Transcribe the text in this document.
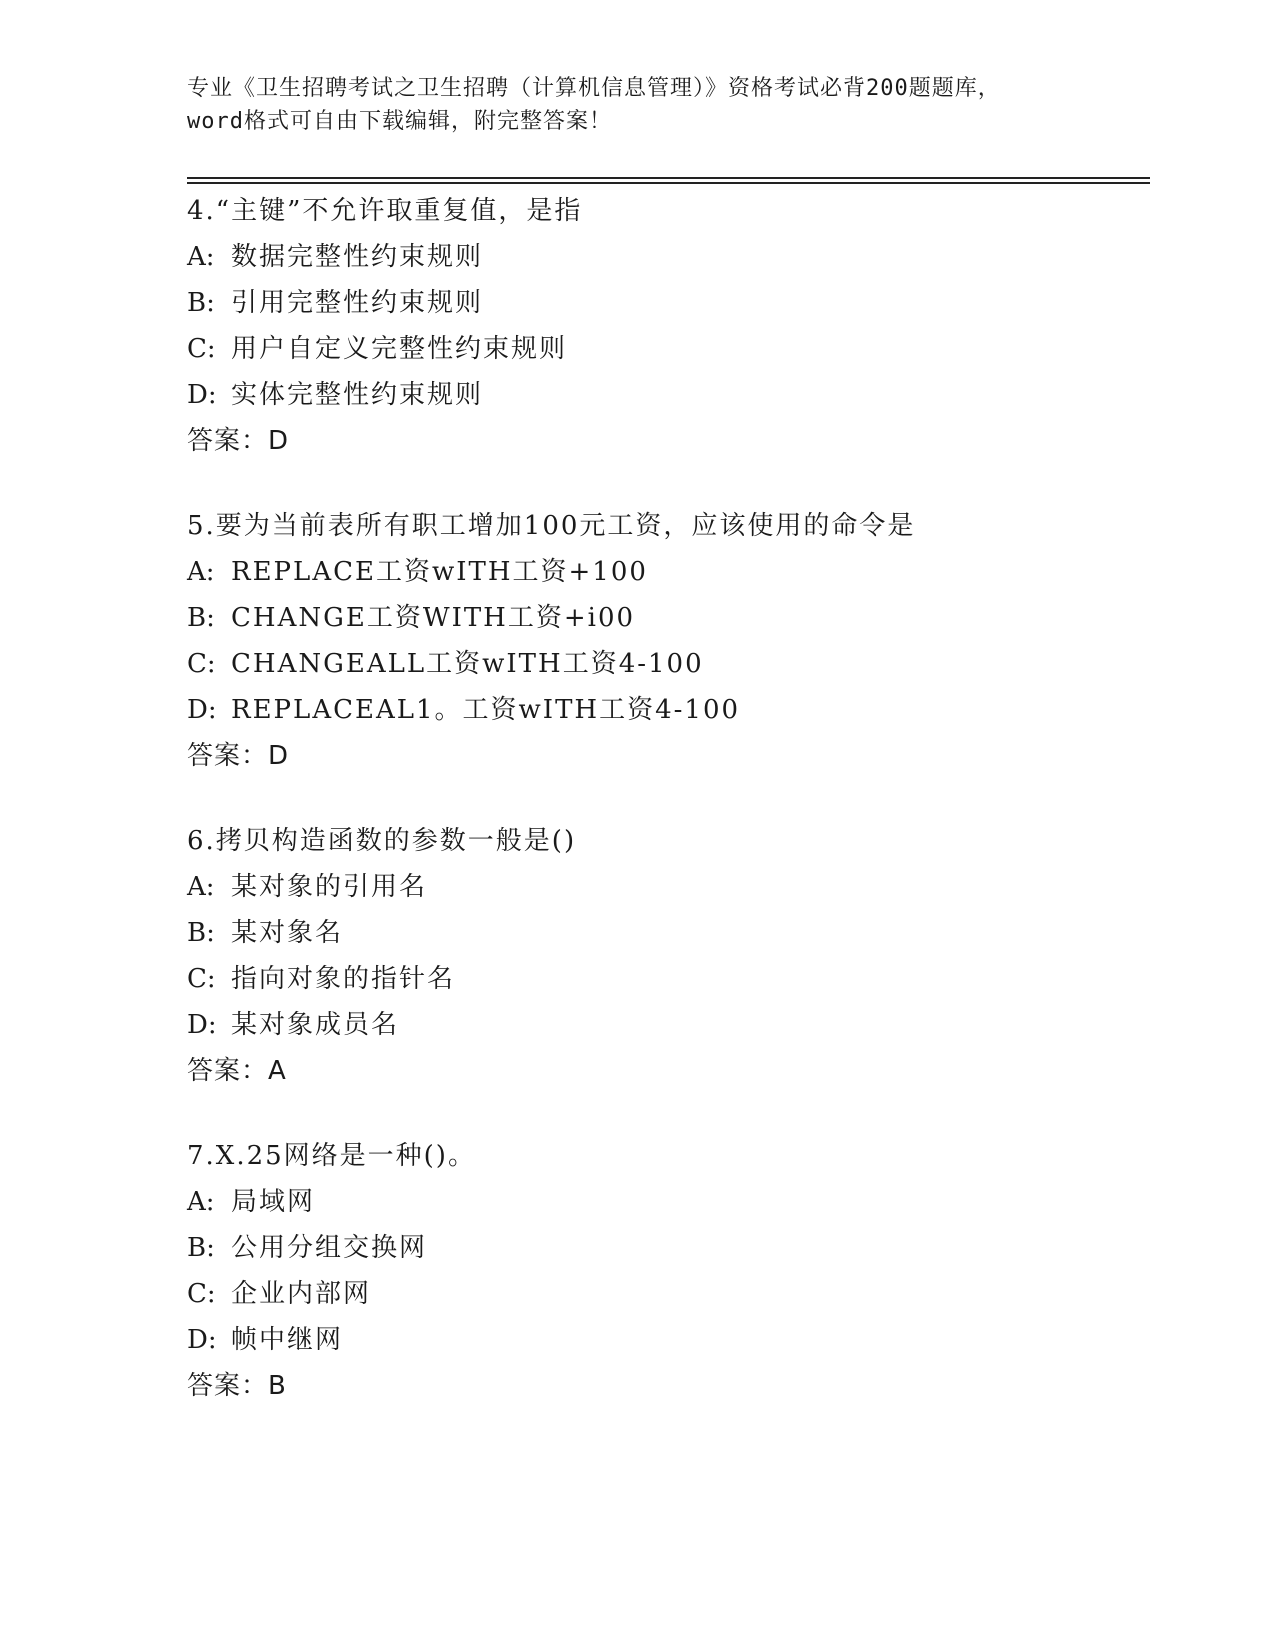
专业《卫生招聘考试之卫生招聘（计算机信息管理）》资格考试必背200题题库，
word格式可自由下载编辑，附完整答案！
4.“主键”不允许取重复值，是指
A: 数据完整性约束规则
B: 引用完整性约束规则
C: 用户自定义完整性约束规则
D: 实体完整性约束规则
答案：D
5.要为当前表所有职工增加100元工资，应该使用的命令是
A: REPLACE工资wITH工资+100
B: CHANGE工资WITH工资+i00
C: CHANGEALL工资wITH工资4-100
D: REPLACEAL1。工资wITH工资4-100
答案：D
6.拷贝构造函数的参数一般是()
A: 某对象的引用名
B: 某对象名
C: 指向对象的指针名
D: 某对象成员名
答案：A
7.X.25网络是一种()。
A: 局域网
B: 公用分组交换网
C: 企业内部网
D: 帧中继网
答案：B
